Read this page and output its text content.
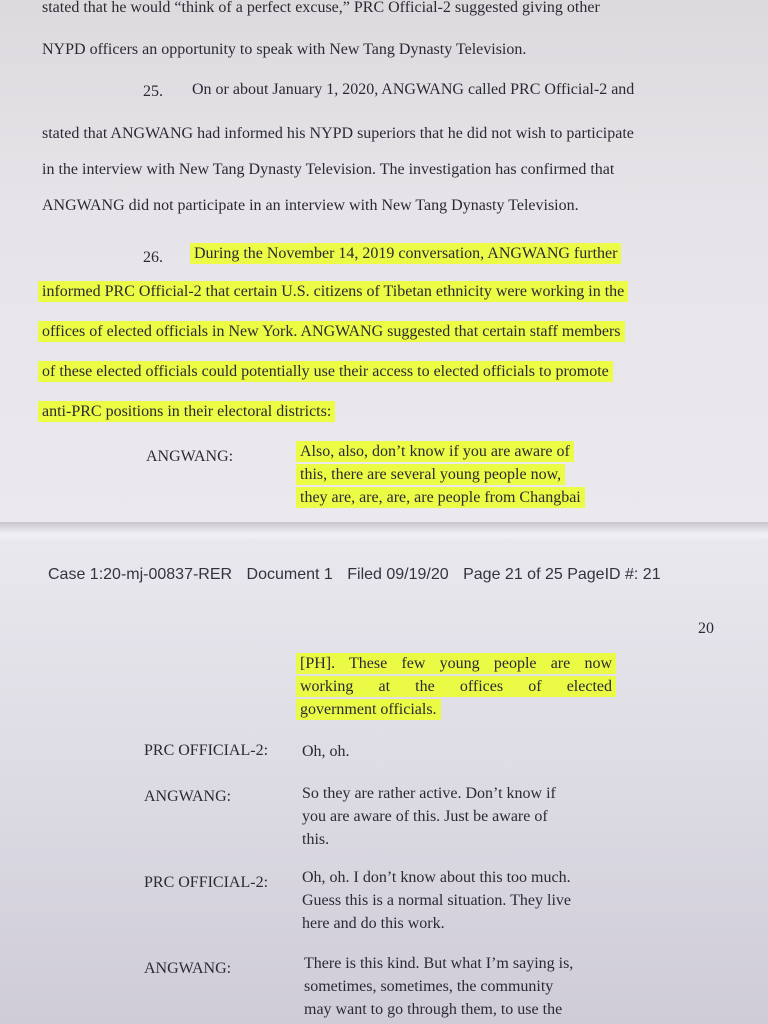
stated that he would “think of a perfect excuse,” PRC Official-2 suggested giving other
NYPD officers an opportunity to speak with New Tang Dynasty Television.
25. On or about January 1, 2020, ANGWANG called PRC Official-2 and
stated that ANGWANG had informed his NYPD superiors that he did not wish to participate
in the interview with New Tang Dynasty Television. The investigation has confirmed that
ANGWANG did not participate in an interview with New Tang Dynasty Television.
26. During the November 14, 2019 conversation, ANGWANG further
informed PRC Official-2 that certain U.S. citizens of Tibetan ethnicity were working in the
offices of elected officials in New York. ANGWANG suggested that certain staff members
of these elected officials could potentially use their access to elected officials to promote
anti-PRC positions in their electoral districts:
ANGWANG:	Also, also, don’t know if you are aware of
this, there are several young people now,
they are, are, are, are people from Changbai
Case 1:20-mj-00837-RER Document 1 Filed 09/19/20 Page 21 of 25 PageID #: 21
20
[PH]. These few young people are now
working at the offices of elected
government officials.
PRC OFFICIAL-2: Oh, oh.
ANGWANG:	So they are rather active. Don’t know if
you are aware of this. Just be aware of
this.
PRC OFFICIAL-2: Oh, oh. I don’t know about this too much.
Guess this is a normal situation. They live
here and do this work.
ANGWANG:	There is this kind. But what I’m saying is,
sometimes, sometimes, the community
may want to go through them, to use the
